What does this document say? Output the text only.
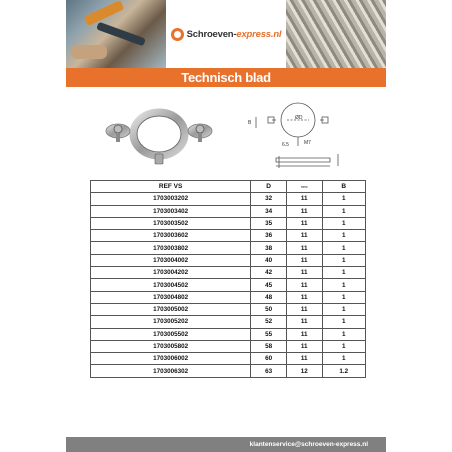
Schroeven-express.nl
Technisch blad
ØD
B
6.5	M7
REF VS	D	mm²	B
1703003202	32	11	1
1703003402	34	11	1
1703003502	35	11	1
1703003602	36	11	1
1703003802	38	11	1
1703004002	40	11	1
1703004202	42	11	1
1703004502	45	11	1
1703004802	48	11	1
1703005002	50	11	1
1703005202	52	11	1
1703005502	55	11	1
1703005802	58	11	1
1703006002	60	11	1
1703006302	63	12	1.2
klantenservice@schroeven-express.nl
